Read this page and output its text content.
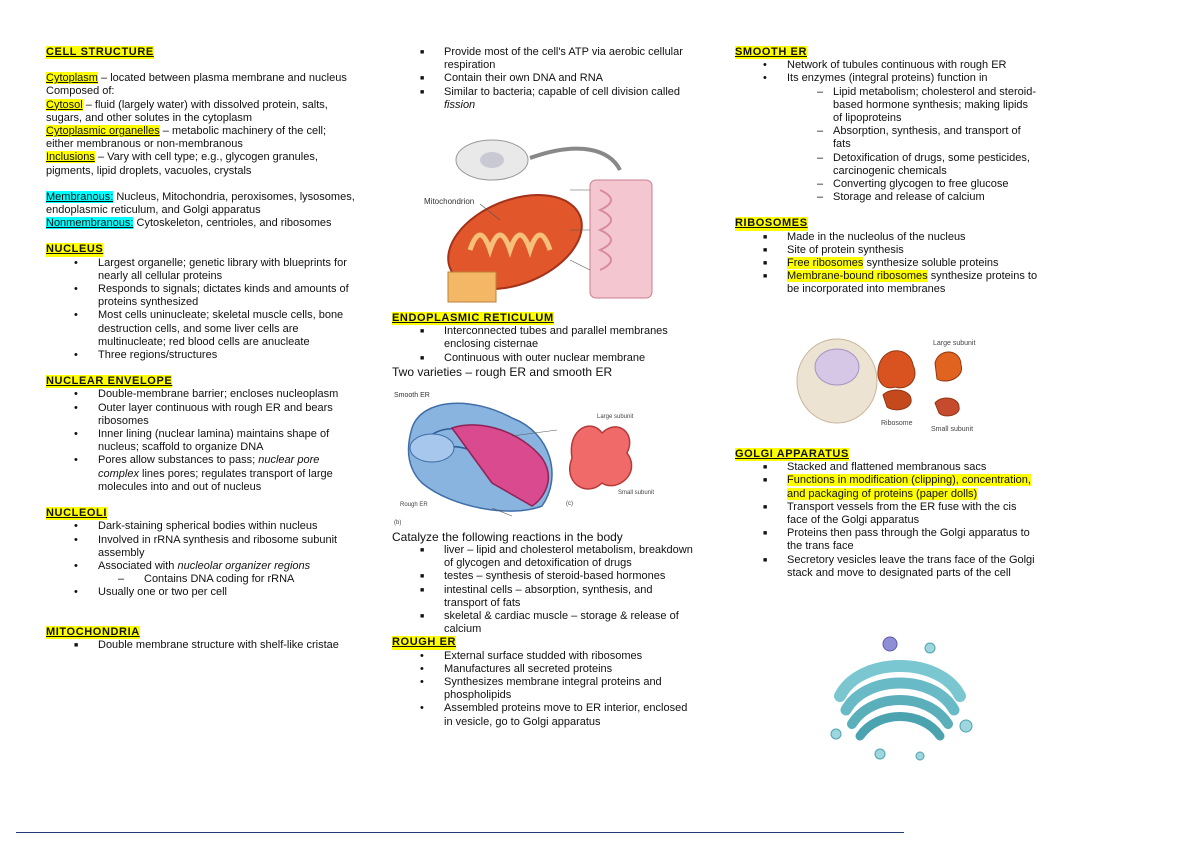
CELL STRUCTURE

Cytoplasm – located between plasma membrane and nucleus

Composed of:

Cytosol – fluid (largely water) with dissolved protein, salts, sugars, and other solutes in the cytoplasm

Cytoplasmic organelles – metabolic machinery of the cell; either membranous or non-membranous

Inclusions – Vary with cell type; e.g., glycogen granules, pigments, lipid droplets, vacuoles, crystals

Membranous: Nucleus, Mitochondria, peroxisomes, lysosomes, endoplasmic reticulum, and Golgi apparatus

Nonmembranous: Cytoskeleton, centrioles, and ribosomes

NUCLEUS
• Largest organelle; genetic library with blueprints for nearly all cellular proteins
• Responds to signals; dictates kinds and amounts of proteins synthesized
• Most cells uninucleate; skeletal muscle cells, bone destruction cells, and some liver cells are multinucleate; red blood cells are anucleate
• Three regions/structures
NUCLEAR ENVELOPE
• Double-membrane barrier; encloses nucleoplasm
• Outer layer continuous with rough ER and bears ribosomes
• Inner lining (nuclear lamina) maintains shape of nucleus; scaffold to organize DNA
• Pores allow substances to pass; nuclear pore complex lines pores; regulates transport of large molecules into and out of nucleus
NUCLEOLI
• Dark-staining spherical bodies within nucleus
• Involved in rRNA synthesis and ribosome subunit assembly
• Associated with nucleolar organizer regions
– Contains DNA coding for rRNA
• Usually one or two per cell
MITOCHONDRIA
■ Double membrane structure with shelf-like cristae
■ Provide most of the cell's ATP via aerobic cellular respiration
■ Contain their own DNA and RNA
■ Similar to bacteria; capable of cell division called fission
Mitochondrion
ENDOPLASMIC RETICULUM
■ Interconnected tubes and parallel membranes enclosing cisternae
■ Continuous with outer nuclear membrane

Two varieties – rough ER and smooth ER

Smooth ER
Large subunit
Small subunit
Rough ER	(c)
(b)

Catalyze the following reactions in the body

■ liver – lipid and cholesterol metabolism, breakdown of glycogen and detoxification of drugs
■ testes – synthesis of steroid-based hormones
■ intestinal cells – absorption, synthesis, and transport of fats
■ skeletal & cardiac muscle – storage & release of calcium
ROUGH ER
• External surface studded with ribosomes
• Manufactures all secreted proteins
• Synthesizes membrane integral proteins and phospholipids
• Assembled proteins move to ER interior, enclosed in vesicle, go to Golgi apparatus
SMOOTH ER
• Network of tubules continuous with rough ER
• Its enzymes (integral proteins) function in
– Lipid metabolism; cholesterol and steroid-based hormone synthesis; making lipids of lipoproteins
– Absorption, synthesis, and transport of fats
– Detoxification of drugs, some pesticides, carcinogenic chemicals
– Converting glycogen to free glucose
– Storage and release of calcium
RIBOSOMES
■ Made in the nucleolus of the nucleus
■ Site of protein synthesis
■ Free ribosomes synthesize soluble proteins
■ Membrane-bound ribosomes synthesize proteins to be incorporated into membranes
Large subunit
Small subunit
Ribosome
GOLGI APPARATUS
■ Stacked and flattened membranous sacs
■ Functions in modification (clipping), concentration, and packaging of proteins (paper dolls)
■ Transport vessels from the ER fuse with the cis face of the Golgi apparatus
■ Proteins then pass through the Golgi apparatus to the trans face
■ Secretory vesicles leave the trans face of the Golgi stack and move to designated parts of the cell
